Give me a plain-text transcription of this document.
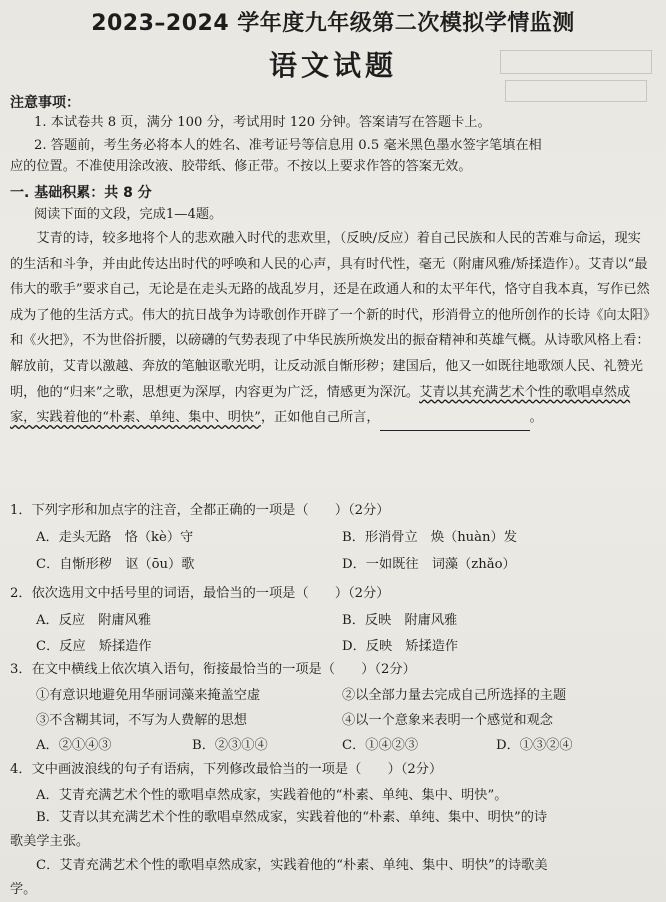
2023–2024 学年度九年级第二次模拟学情监测
语文试题
注意事项：
1. 本试卷共 8 页，满分 100 分，考试用时 120 分钟。答案请写在答题卡上。
2. 答题前，考生务必将本人的姓名、准考证号等信息用 0.5 毫米黑色墨水签字笔填在相
应的位置。不准使用涂改液、胶带纸、修正带。不按以上要求作答的答案无效。
一. 基础积累：共 8 分
阅读下面的文段，完成1—4题。
艾青的诗，较多地将个人的悲欢融入时代的悲欢里，（反映/反应）着自己民族和人民的苦难与命运，现实的生活和斗争，并由此传达出时代的呼唤和人民的心声，具有时代性，毫无（附庸风雅/矫揉造作）。艾青以“最伟大的歌手”要求自己，无论是在走头无路的战乱岁月，还是在政通人和的太平年代，恪守自我本真，写作已然成为了他的生活方式。伟大的抗日战争为诗歌创作开辟了一个新的时代，形消骨立的他所创作的长诗《向太阳》和《火把》，不为世俗折腰，以磅礴的气势表现了中华民族所焕发出的振奋精神和英雄气概。从诗歌风格上看：解放前，艾青以激越、奔放的笔触讴歌光明，让反动派自惭形秽；建国后，他又一如既往地歌颂人民、礼赞光明，他的“归来”之歌，思想更为深厚，内容更为广泛，情感更为深沉。艾青以其充满艺术个性的歌唱卓然成家，实践着他的“朴素、单纯、集中、明快”，正如他自己所言，	。
1．下列字形和加点字的注音，全都正确的一项是（　　）（2分）
A．走头无路　恪（kè）守	B．形消骨立　焕（huàn）发
C．自惭形秽　讴（ōu）歌	D．一如既往　词藻（zhǎo）
2．依次选用文中括号里的词语，最恰当的一项是（　　）（2分）
A．反应　附庸风雅	B．反映　附庸风雅
C．反应　矫揉造作	D．反映　矫揉造作
3．在文中横线上依次填入语句，衔接最恰当的一项是（　　）（2分）
①有意识地避免用华丽词藻来掩盖空虚	②以全部力量去完成自己所选择的主题
③不含糊其词，不写为人费解的思想	④以一个意象来表明一个感觉和观念
A．②①④③	B．②③①④	C．①④②③	D．①③②④
4．文中画波浪线的句子有语病，下列修改最恰当的一项是（　　）（2分）
A．艾青充满艺术个性的歌唱卓然成家，实践着他的“朴素、单纯、集中、明快”。
B．艾青以其充满艺术个性的歌唱卓然成家，实践着他的“朴素、单纯、集中、明快”的诗
歌美学主张。
C．艾青充满艺术个性的歌唱卓然成家，实践着他的“朴素、单纯、集中、明快”的诗歌美
学。
